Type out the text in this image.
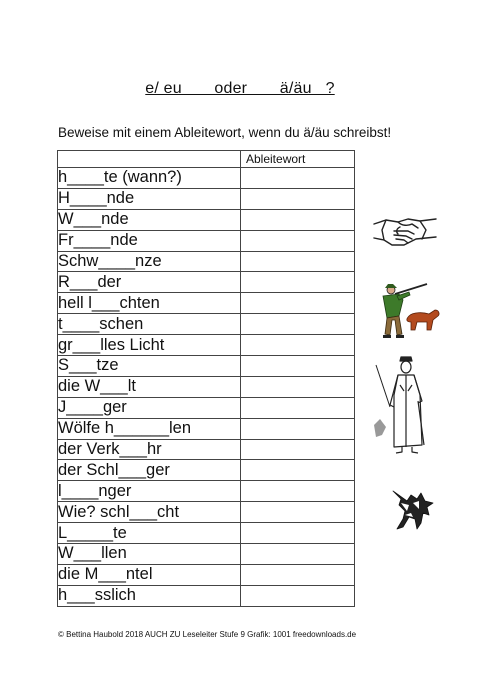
e/ eu       oder       ä/äu   ?
Beweise mit einem Ableitewort, wenn du ä/äu schreibst!
	Ableitewort
h____te (wann?)	
H____nde	
W___nde	
Fr____nde	
Schw____nze	
R___der	
hell l___chten	
t____schen	
gr___lles Licht	
S___tze	
die W___lt	
J____ger	
Wölfe h______len	
der Verk___hr	
der Schl___ger	
l____nger	
Wie? schl___cht	
L_____te	
W___llen	
die M___ntel	
h___sslich	
© Bettina Haubold 2018 AUCH ZU Leseleiter Stufe 9 Grafik: 1001 freedownloads.de
